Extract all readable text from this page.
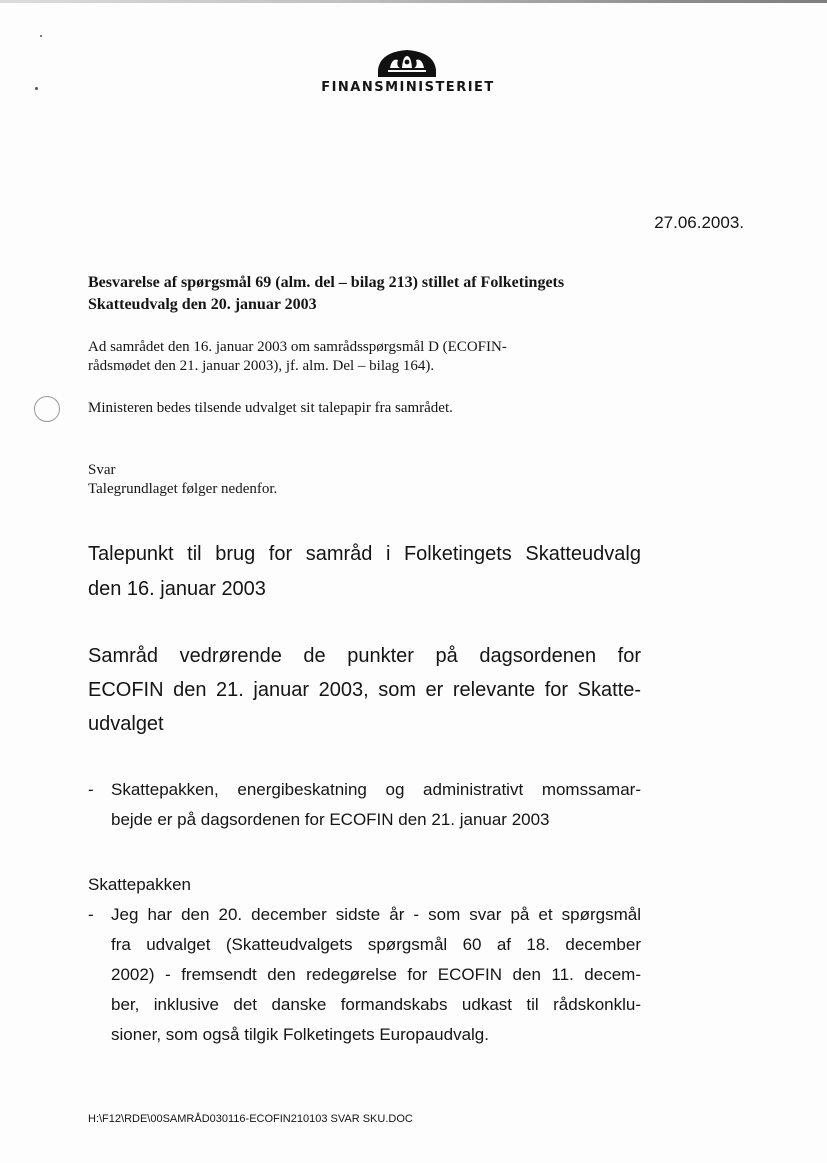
FINANSMINISTERIET
27.06.2003.
Besvarelse af spørgsmål 69 (alm. del – bilag 213) stillet af Folketingets Skatteudvalg den 20. januar 2003
Ad samrådet den 16. januar 2003 om samrådsspørgsmål D (ECOFIN-
rådsmødet den 21. januar 2003), jf. alm. Del – bilag 164).
Ministeren bedes tilsende udvalget sit talepapir fra samrådet.
Svar
Talegrundlaget følger nedenfor.
Talepunkt til brug for samråd i Folketingets Skatteudvalg
den 16. januar 2003
Samråd vedrørende de punkter på dagsordenen for
ECOFIN den 21. januar 2003, som er relevante for Skatte-
udvalget
- Skattepakken, energibeskatning og administrativt momssamar-
bejde er på dagsordenen for ECOFIN den 21. januar 2003
Skattepakken
- Jeg har den 20. december sidste år - som svar på et spørgsmål
fra udvalget (Skatteudvalgets spørgsmål 60 af 18. december
2002) - fremsendt den redegørelse for ECOFIN den 11. decem-
ber, inklusive det danske formandskabs udkast til rådskonklu-
sioner, som også tilgik Folketingets Europaudvalg.
H:\F12\RDE\00SAMRÅD030116-ECOFIN210103 SVAR SKU.DOC
